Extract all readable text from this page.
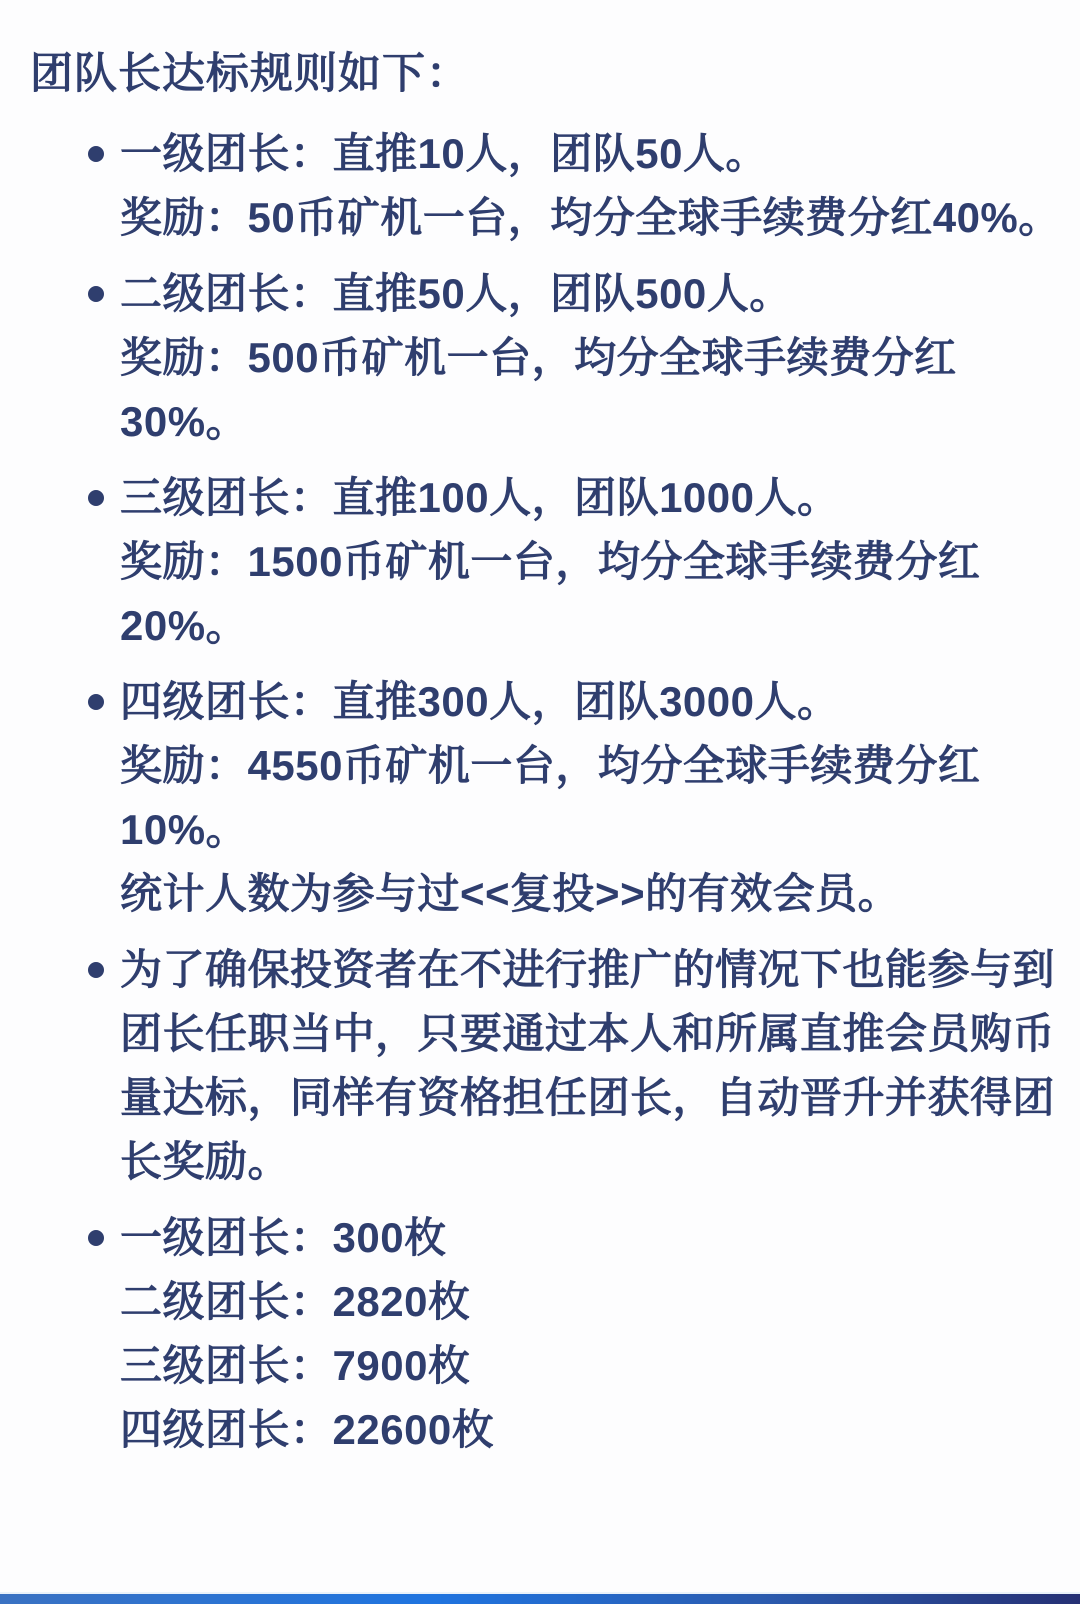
团队长达标规则如下：
一级团长：直推10人，团队50人。
奖励：50币矿机一台，均分全球手续费分红40%。
二级团长：直推50人，团队500人。
奖励：500币矿机一台，均分全球手续费分红
30%。
三级团长：直推100人，团队1000人。
奖励：1500币矿机一台，均分全球手续费分红
20%。
四级团长：直推300人，团队3000人。
奖励：4550币矿机一台，均分全球手续费分红
10%。
统计人数为参与过<<复投>>的有效会员。
为了确保投资者在不进行推广的情况下也能参与到
团长任职当中，只要通过本人和所属直推会员购币
量达标，同样有资格担任团长，自动晋升并获得团
长奖励。
一级团长：300枚
二级团长：2820枚
三级团长：7900枚
四级团长：22600枚
